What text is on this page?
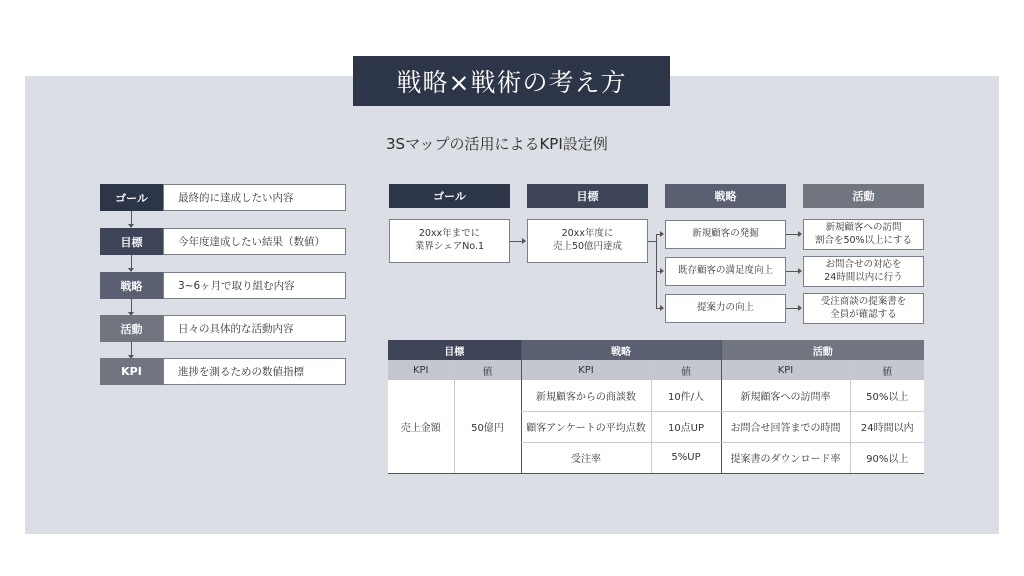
戦略×戦術の考え方
3Sマップの活用によるKPI設定例
ゴール	最終的に達成したい内容
目標	今年度達成したい結果（数値）
戦略	3~6ヶ月で取り組む内容
活動	日々の具体的な活動内容
KPI	進捗を測るための数値指標
ゴール	目標	戦略	活動
20xx年までに
業界シェアNo.1
20xx年度に
売上50億円達成
新規顧客の発掘
既存顧客の満足度向上
提案力の向上
新規顧客への訪問
割合を50%以上にする
お問合せの対応を
24時間以内に行う
受注商談の提案書を
全員が確認する
目標		戦略		活動	
KPI	値	KPI	値	KPI	値
売上金額	50億円	新規顧客からの商談数	10件/人	新規顧客への訪問率	50%以上
		顧客アンケートの平均点数	10点UP	お問合せ回答までの時間	24時間以内
		受注率	5%UP	提案書のダウンロード率	90%以上
